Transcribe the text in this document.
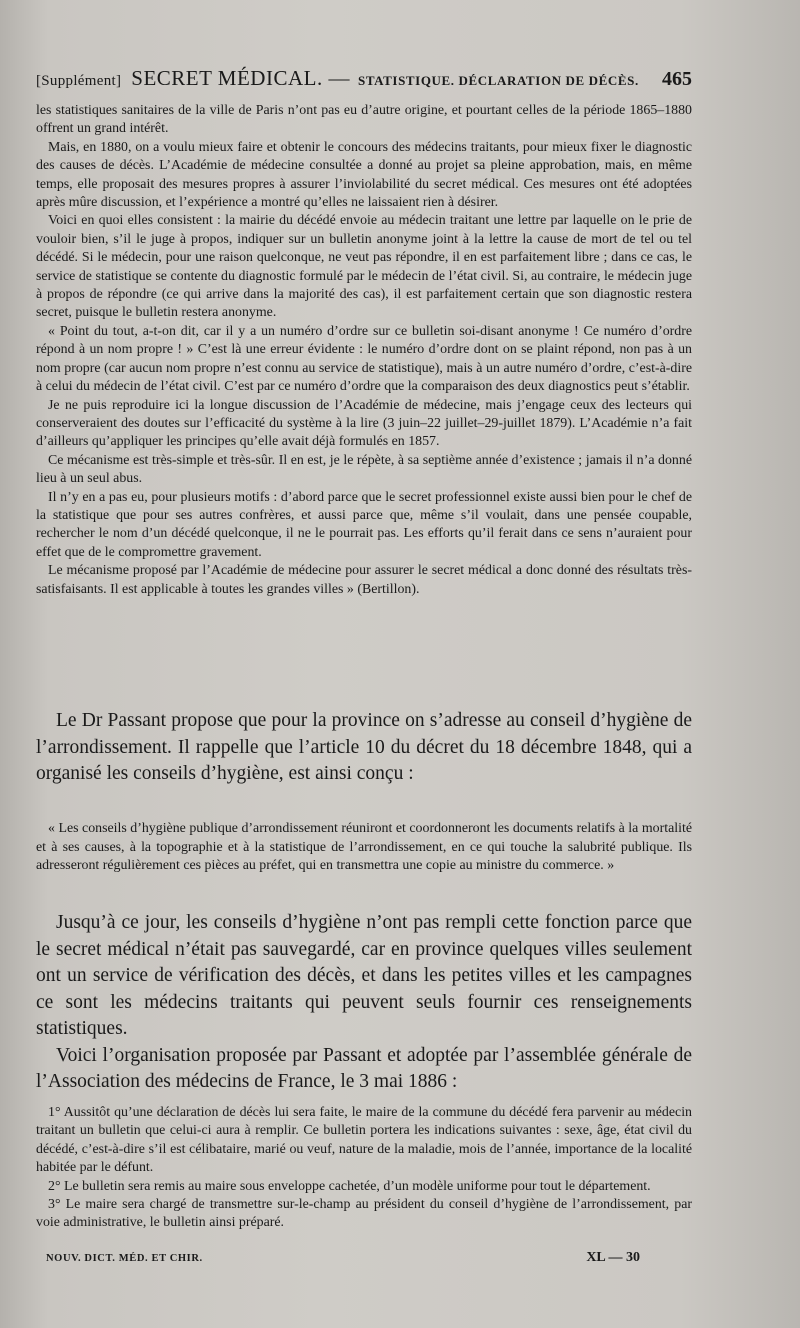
[Supplément] SECRET MÉDICAL. — STATISTIQUE. DÉCLARATION DE DÉCÈS. 465

les statistiques sanitaires de la ville de Paris n’ont pas eu d’autre origine, et pourtant celles de la période 1865–1880 offrent un grand intérêt.

Mais, en 1880, on a voulu mieux faire et obtenir le concours des médecins traitants, pour mieux fixer le diagnostic des causes de décès. L’Académie de médecine consultée a donné au projet sa pleine approbation, mais, en même temps, elle proposait des mesures propres à assurer l’inviolabilité du secret médical. Ces mesures ont été adoptées après mûre discussion, et l’expérience a montré qu’elles ne laissaient rien à désirer.

Voici en quoi elles consistent : la mairie du décédé envoie au médecin traitant une lettre par laquelle on le prie de vouloir bien, s’il le juge à propos, indiquer sur un bulletin anonyme joint à la lettre la cause de mort de tel ou tel décédé. Si le médecin, pour une raison quelconque, ne veut pas répondre, il en est parfaitement libre ; dans ce cas, le service de statistique se contente du diagnostic formulé par le médecin de l’état civil. Si, au contraire, le médecin juge à propos de répondre (ce qui arrive dans la majorité des cas), il est parfaitement certain que son diagnostic restera secret, puisque le bulletin restera anonyme.

« Point du tout, a-t-on dit, car il y a un numéro d’ordre sur ce bulletin soi-disant anonyme ! Ce numéro d’ordre répond à un nom propre ! » C’est là une erreur évidente : le numéro d’ordre dont on se plaint répond, non pas à un nom propre (car aucun nom propre n’est connu au service de statistique), mais à un autre numéro d’ordre, c’est-à-dire à celui du médecin de l’état civil. C’est par ce numéro d’ordre que la comparaison des deux diagnostics peut s’établir.

Je ne puis reproduire ici la longue discussion de l’Académie de médecine, mais j’engage ceux des lecteurs qui conserveraient des doutes sur l’efficacité du système à la lire (3 juin–22 juillet–29-juillet 1879). L’Académie n’a fait d’ailleurs qu’appliquer les principes qu’elle avait déjà formulés en 1857.

Ce mécanisme est très-simple et très-sûr. Il en est, je le répète, à sa septième année d’existence ; jamais il n’a donné lieu à un seul abus.

Il n’y en a pas eu, pour plusieurs motifs : d’abord parce que le secret professionnel existe aussi bien pour le chef de la statistique que pour ses autres confrères, et aussi parce que, même s’il voulait, dans une pensée coupable, rechercher le nom d’un décédé quelconque, il ne le pourrait pas. Les efforts qu’il ferait dans ce sens n’auraient pour effet que de le compromettre gravement.

Le mécanisme proposé par l’Académie de médecine pour assurer le secret médical a donc donné des résultats très-satisfaisants. Il est applicable à toutes les grandes villes » (Bertillon).

Le Dr Passant propose que pour la province on s’adresse au conseil d’hygiène de l’arrondissement. Il rappelle que l’article 10 du décret du 18 décembre 1848, qui a organisé les conseils d’hygiène, est ainsi conçu :

« Les conseils d’hygiène publique d’arrondissement réuniront et coordonneront les documents relatifs à la mortalité et à ses causes, à la topographie et à la statistique de l’arrondissement, en ce qui touche la salubrité publique. Ils adresseront régulièrement ces pièces au préfet, qui en transmettra une copie au ministre du commerce. »

Jusqu’à ce jour, les conseils d’hygiène n’ont pas rempli cette fonction parce que le secret médical n’était pas sauvegardé, car en province quelques villes seulement ont un service de vérification des décès, et dans les petites villes et les campagnes ce sont les médecins traitants qui peuvent seuls fournir ces renseignements statistiques.

Voici l’organisation proposée par Passant et adoptée par l’assemblée générale de l’Association des médecins de France, le 3 mai 1886 :

1° Aussitôt qu’une déclaration de décès lui sera faite, le maire de la commune du décédé fera parvenir au médecin traitant un bulletin que celui-ci aura à remplir. Ce bulletin portera les indications suivantes : sexe, âge, état civil du décédé, c’est-à-dire s’il est célibataire, marié ou veuf, nature de la maladie, mois de l’année, importance de la localité habitée par le défunt.

2° Le bulletin sera remis au maire sous enveloppe cachetée, d’un modèle uniforme pour tout le département.

3° Le maire sera chargé de transmettre sur-le-champ au président du conseil d’hygiène de l’arrondissement, par voie administrative, le bulletin ainsi préparé.

NOUV. DICT. MÉD. ET CHIR.	XL — 30
